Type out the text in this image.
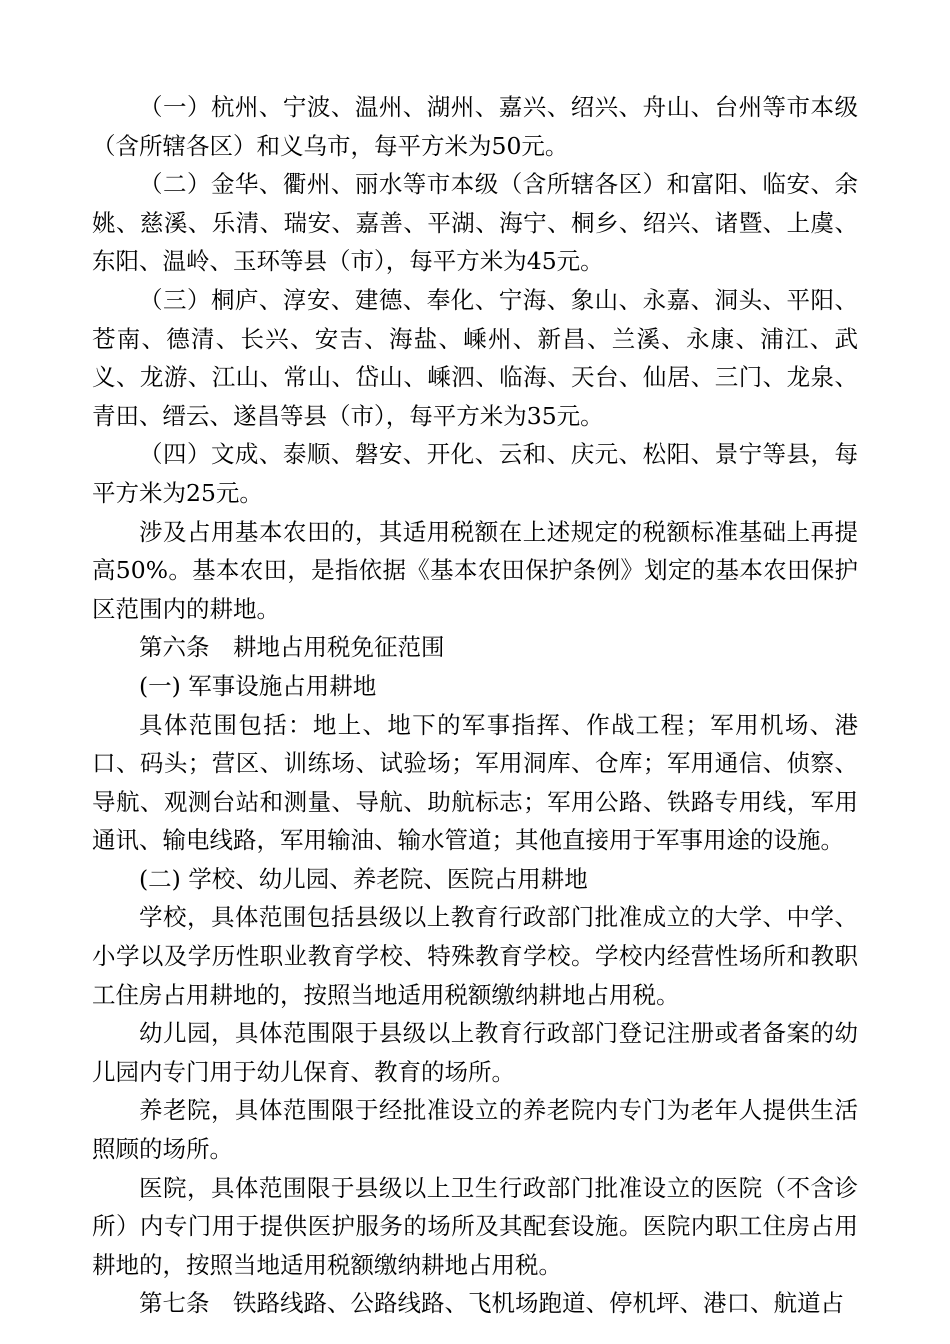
（一）杭州、宁波、温州、湖州、嘉兴、绍兴、舟山、台州等市本级（含所辖各区）和义乌市，每平方米为50元。

（二）金华、衢州、丽水等市本级（含所辖各区）和富阳、临安、余姚、慈溪、乐清、瑞安、嘉善、平湖、海宁、桐乡、绍兴、诸暨、上虞、东阳、温岭、玉环等县（市），每平方米为45元。

（三）桐庐、淳安、建德、奉化、宁海、象山、永嘉、洞头、平阳、苍南、德清、长兴、安吉、海盐、嵊州、新昌、兰溪、永康、浦江、武义、龙游、江山、常山、岱山、嵊泗、临海、天台、仙居、三门、龙泉、青田、缙云、遂昌等县（市），每平方米为35元。

（四）文成、泰顺、磐安、开化、云和、庆元、松阳、景宁等县，每平方米为25元。

涉及占用基本农田的，其适用税额在上述规定的税额标准基础上再提高50%。基本农田，是指依据《基本农田保护条例》划定的基本农田保护区范围内的耕地。

第六条　耕地占用税免征范围

(一) 军事设施占用耕地

具体范围包括：地上、地下的军事指挥、作战工程；军用机场、港口、码头；营区、训练场、试验场；军用洞库、仓库；军用通信、侦察、导航、观测台站和测量、导航、助航标志；军用公路、铁路专用线，军用通讯、输电线路，军用输油、输水管道；其他直接用于军事用途的设施。

(二) 学校、幼儿园、养老院、医院占用耕地

学校，具体范围包括县级以上教育行政部门批准成立的大学、中学、小学以及学历性职业教育学校、特殊教育学校。学校内经营性场所和教职工住房占用耕地的，按照当地适用税额缴纳耕地占用税。

幼儿园，具体范围限于县级以上教育行政部门登记注册或者备案的幼儿园内专门用于幼儿保育、教育的场所。

养老院，具体范围限于经批准设立的养老院内专门为老年人提供生活照顾的场所。

医院，具体范围限于县级以上卫生行政部门批准设立的医院（不含诊所）内专门用于提供医护服务的场所及其配套设施。医院内职工住房占用耕地的，按照当地适用税额缴纳耕地占用税。

第七条　铁路线路、公路线路、飞机场跑道、停机坪、港口、航道占
